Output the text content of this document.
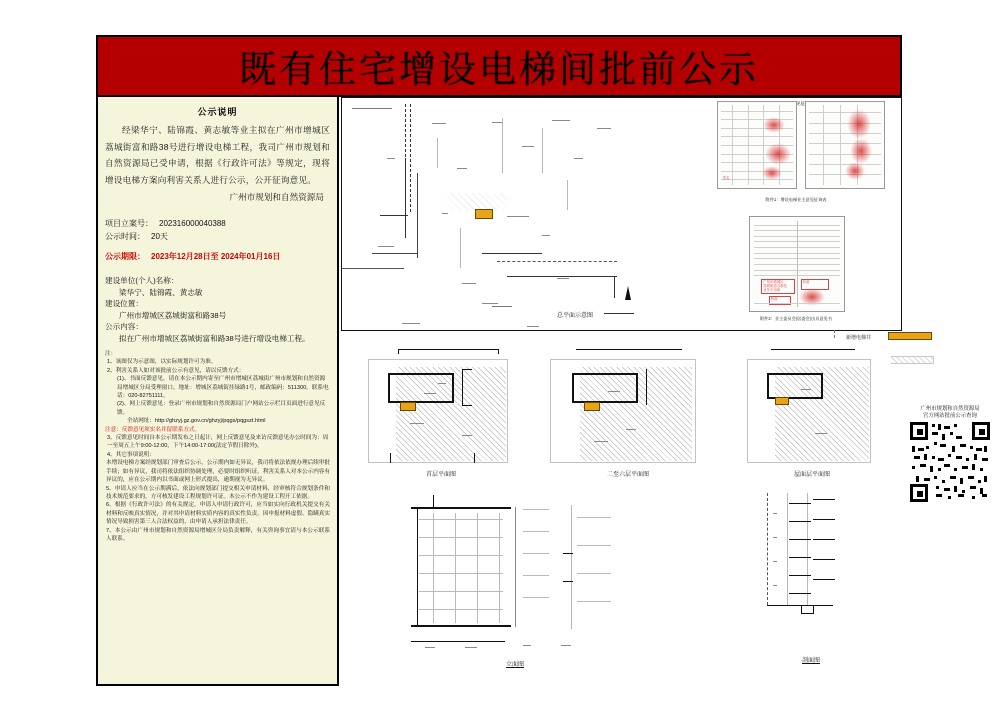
既有住宅增设电梯间批前公示
公示说明
经梁华宁、陆锦霞、黄志敏等业主拟在广州市增城区荔城街富和路38号进行增设电梯工程，我司广州市规划和自然资源局已受申请，根据《行政许可法》等规定，现将增设电梯方案向利害关系人进行公示，公开征询意见。
广州市规划和自然资源局
项目立案号： 202316000040388
公示时间： 20天
公示期限： 2023年12月28日至 2024年01月16日
建设单位(个人)名称：
梁华宁、陆锦霞、黄志敏
建设位置：
广州市增城区荔城街富和路38号
公示内容：
拟在广州市增城区荔城街富和路38号进行增设电梯工程。
注：
1、该图仅为示意图，以实际规划许可为准。
2、利害关系人如对该批前公示有意见，请以反馈方式：
(1)、书面反馈意见，请在本公示期内寄至广州市增城区荔城街广州市规划和自然资源局增城区分局受理窗口，地址：增城区荔城街挂绿路1号，邮政编码：511300，联系电话：020-82751111。
(2)、网上反馈意见：登录广州市规划和自然资源局门户网站公示栏目页面进行意见反馈。
全站网址：http://ghzyj.gz.gov.cn/ghzyj/pqgs/pqgszt.html
注意：反馈意见须实名并留联系方式。
3、反馈意见时间自本公示期发布之日起计，网上反馈意见及来访反馈意见办公时间为：周一至周五上午9:00-12:00，下午14:00-17:00(法定节假日除外)。
4、其它事项说明：
本增设电梯方案经规划部门审查后公示，公示期内如无异议，我司将依法依规办理后续审批手续；如有异议，我司将依法组织协调处理，必要时组织听证。利害关系人对本公示内容有异议的，应在公示期内以书面或网上形式提出，逾期视为无异议。
5、申请人应当在公示期满后，依法向规划部门提交相关申请材料，经审核符合规划条件和技术规范要求的，方可核发建设工程规划许可证。本公示不作为建设工程开工依据。
6、根据《行政许可法》的有关规定，申请人申请行政许可，应当如实向行政机关提交有关材料和反映真实情况，并对其申请材料实质内容的真实性负责。因申报材料虚假、隐瞒真实情况导致损害第三人合法权益的，由申请人承担法律责任。
7、本公示由广州市规划和自然资源局增城区分局负责解释，有关咨询事宜请与本公示联系人联系。
新增电梯井
总平面示意图
签名
附件1：增设电梯业主意见征询表
广州市增城区
荔城街道办事处
业务专用章
同意
核准
附件2：业主委员会(居委会)出具意见书
首层平面图	二至六层平面图	屋面层平面图
立面图
剖面图
广州市规划和自然资源局
官方网站批前公示查询
